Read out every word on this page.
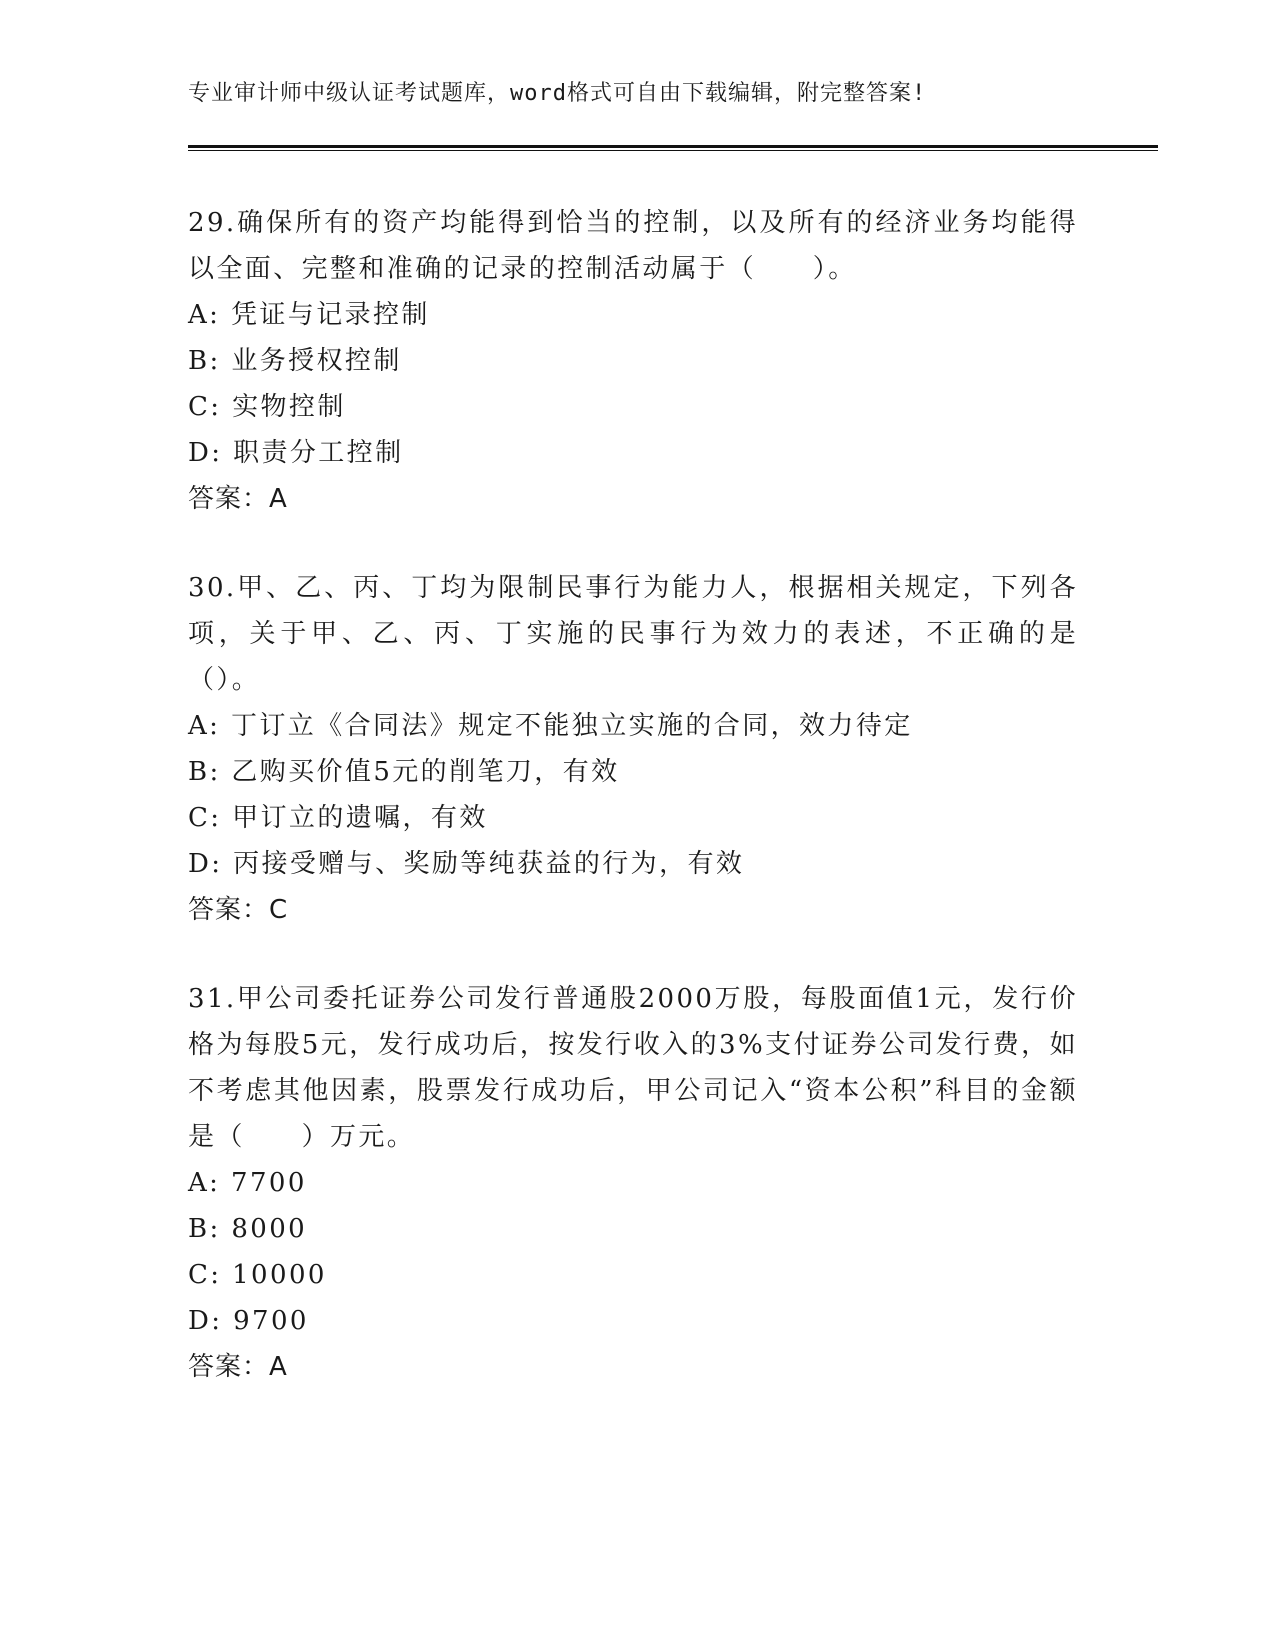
专业审计师中级认证考试题库，word格式可自由下载编辑，附完整答案!

29.确保所有的资产均能得到恰当的控制，以及所有的经济业务均能得以全面、完整和准确的记录的控制活动属于（　　）。

A: 凭证与记录控制

B: 业务授权控制

C: 实物控制

D: 职责分工控制

答案：A

30.甲、乙、丙、丁均为限制民事行为能力人，根据相关规定，下列各项，关于甲、乙、丙、丁实施的民事行为效力的表述，不正确的是（）。

A: 丁订立《合同法》规定不能独立实施的合同，效力待定

B: 乙购买价值5元的削笔刀，有效

C: 甲订立的遗嘱，有效

D: 丙接受赠与、奖励等纯获益的行为，有效

答案：C

31.甲公司委托证券公司发行普通股2000万股，每股面值1元，发行价格为每股5元，发行成功后，按发行收入的3%支付证券公司发行费，如不考虑其他因素，股票发行成功后，甲公司记入“资本公积”科目的金额是（　　）万元。

A: 7700

B: 8000

C: 10000

D: 9700

答案：A
